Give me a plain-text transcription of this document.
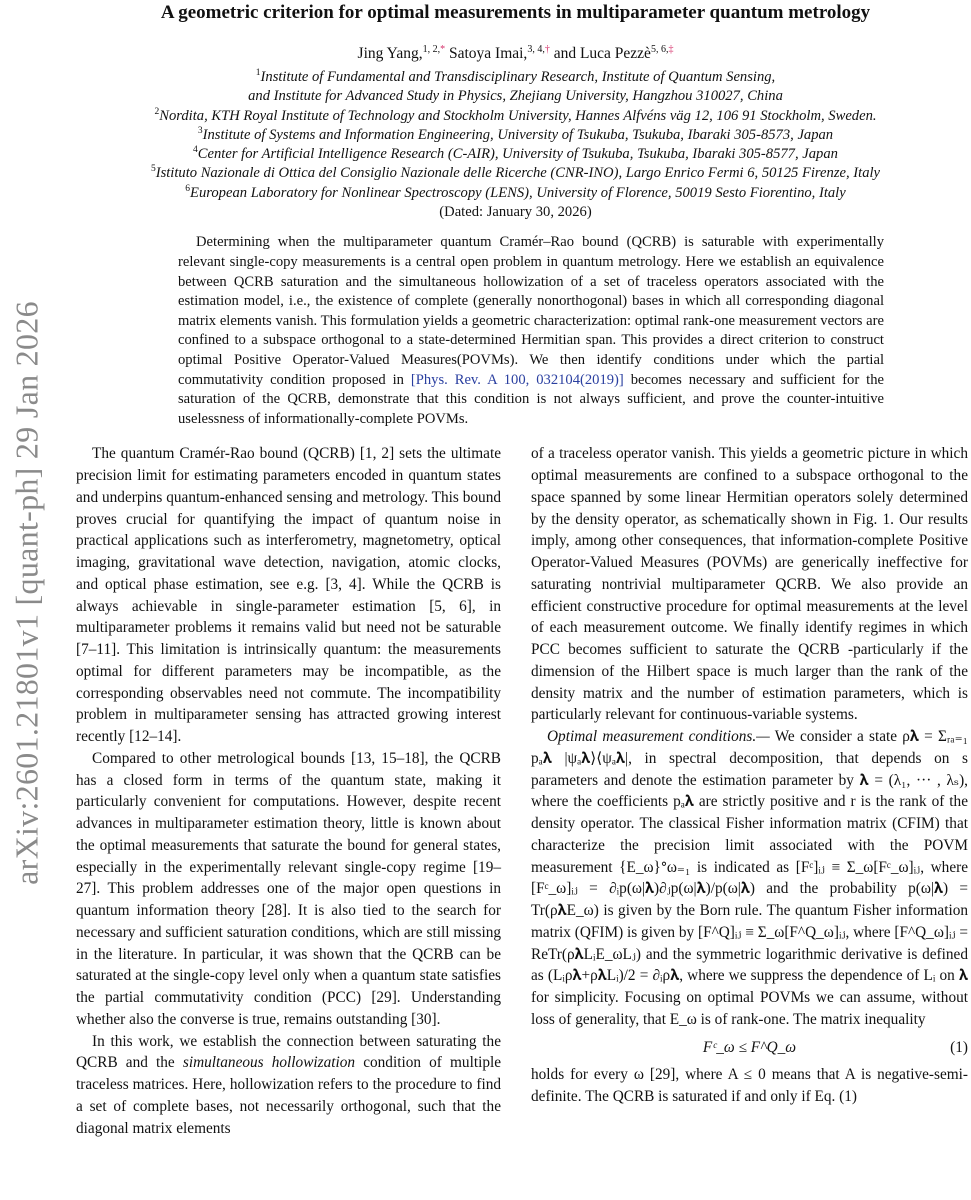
arXiv:2601.21801v1 [quant-ph] 29 Jan 2026
A geometric criterion for optimal measurements in multiparameter quantum metrology
Jing Yang,$^{1, 2,*}$ Satoya Imai,$^{3, 4,\dagger}$ and Luca Pezzè$^{5, 6,\ddagger}$
$^1$Institute of Fundamental and Transdisciplinary Research, Institute of Quantum Sensing,
and Institute for Advanced Study in Physics, Zhejiang University, Hangzhou 310027, China
$^2$Nordita, KTH Royal Institute of Technology and Stockholm University, Hannes Alfvéns väg 12, 106 91 Stockholm, Sweden.
$^3$Institute of Systems and Information Engineering, University of Tsukuba, Tsukuba, Ibaraki 305-8573, Japan
$^4$Center for Artificial Intelligence Research (C-AIR), University of Tsukuba, Tsukuba, Ibaraki 305-8577, Japan
$^5$Istituto Nazionale di Ottica del Consiglio Nazionale delle Ricerche (CNR-INO), Largo Enrico Fermi 6, 50125 Firenze, Italy
$^6$European Laboratory for Nonlinear Spectroscopy (LENS), University of Florence, 50019 Sesto Fiorentino, Italy
(Dated: January 30, 2026)
Determining when the multiparameter quantum Cramér–Rao bound (QCRB) is saturable with experimentally relevant single-copy measurements is a central open problem in quantum metrology. Here we establish an equivalence between QCRB saturation and the simultaneous hollowization of a set of traceless operators associated with the estimation model, i.e., the existence of complete (generally nonorthogonal) bases in which all corresponding diagonal matrix elements vanish. This formulation yields a geometric characterization: optimal rank-one measurement vectors are confined to a subspace orthogonal to a state-determined Hermitian span. This provides a direct criterion to construct optimal Positive Operator-Valued Measures(POVMs). We then identify conditions under which the partial commutativity condition proposed in [Phys. Rev. A 100, 032104(2019)] becomes necessary and sufficient for the saturation of the QCRB, demonstrate that this condition is not always sufficient, and prove the counter-intuitive uselessness of informationally-complete POVMs.

The quantum Cramér-Rao bound (QCRB) [1, 2] sets the ultimate precision limit for estimating parameters encoded in quantum states and underpins quantum-enhanced sensing and metrology. This bound proves crucial for quantifying the impact of quantum noise in practical applications such as interferometry, magnetometry, optical imaging, gravitational wave detection, navigation, atomic clocks, and optical phase estimation, see e.g. [3, 4]. While the QCRB is always achievable in single-parameter estimation [5, 6], in multiparameter problems it remains valid but need not be saturable [7–11]. This limitation is intrinsically quantum: the measurements optimal for different parameters may be incompatible, as the corresponding observables need not commute. The incompatibility problem in multiparameter sensing has attracted growing interest recently [12–14].

Compared to other metrological bounds [13, 15–18], the QCRB has a closed form in terms of the quantum state, making it particularly convenient for computations. However, despite recent advances in multiparameter estimation theory, little is known about the optimal measurements that saturate the bound for general states, especially in the experimentally relevant single-copy regime [19–27]. This problem addresses one of the major open questions in quantum information theory [28]. It is also tied to the search for necessary and sufficient saturation conditions, which are still missing in the literature. In particular, it was shown that the QCRB can be saturated at the single-copy level only when a quantum state satisfies the partial commutativity condition (PCC) [29]. Understanding whether also the converse is true, remains outstanding [30].

In this work, we establish the connection between saturating the QCRB and the simultaneous hollowization condition of multiple traceless matrices. Here, hollowization refers to the procedure to find a set of complete bases, not necessarily orthogonal, such that the diagonal matrix elements

of a traceless operator vanish. This yields a geometric picture in which optimal measurements are confined to a subspace orthogonal to the space spanned by some linear Hermitian operators solely determined by the density operator, as schematically shown in Fig. 1. Our results imply, among other consequences, that information-complete Positive Operator-Valued Measures (POVMs) are generically ineffective for saturating nontrivial multiparameter QCRB. We also provide an efficient constructive procedure for optimal measurements at the level of each measurement outcome. We finally identify regimes in which PCC becomes sufficient to saturate the QCRB -particularly if the dimension of the Hilbert space is much larger than the rank of the density matrix and the number of estimation parameters, which is particularly relevant for continuous-variable systems.

Optimal measurement conditions.— We consider a state ρ𝛌 = Σᵣₐ₌₁ pₐ𝛌 |ψₐ𝛌⟩⟨ψₐ𝛌|, in spectral decomposition, that depends on s parameters and denote the estimation parameter by 𝛌 = (λ₁, ··· , λₛ), where the coefficients pₐ𝛌 are strictly positive and r is the rank of the density operator. The classical Fisher information matrix (CFIM) that characterize the precision limit associated with the POVM measurement {E_ω}ᐤω₌₁ is indicated as [Fᶜ]ᵢⱼ ≡ Σ_ω[Fᶜ_ω]ᵢⱼ, where [Fᶜ_ω]ᵢⱼ = ∂ᵢp(ω|𝛌)∂ⱼp(ω|𝛌)/p(ω|𝛌) and the probability p(ω|𝛌) = Tr(ρ𝛌E_ω) is given by the Born rule. The quantum Fisher information matrix (QFIM) is given by [F^Q]ᵢⱼ ≡ Σ_ω[F^Q_ω]ᵢⱼ, where [F^Q_ω]ᵢⱼ = ReTr(ρ𝛌LᵢE_ωLⱼ) and the symmetric logarithmic derivative is defined as (Lᵢρ𝛌+ρ𝛌Lᵢ)/2 = ∂ᵢρ𝛌, where we suppress the dependence of Lᵢ on 𝛌 for simplicity. Focusing on optimal POVMs we can assume, without loss of generality, that E_ω is of rank-one. The matrix inequality

Fᶜ_ω ≤ F^Q_ω	(1)

holds for every ω [29], where A ≤ 0 means that A is negative-semi-definite. The QCRB is saturated if and only if Eq. (1)
